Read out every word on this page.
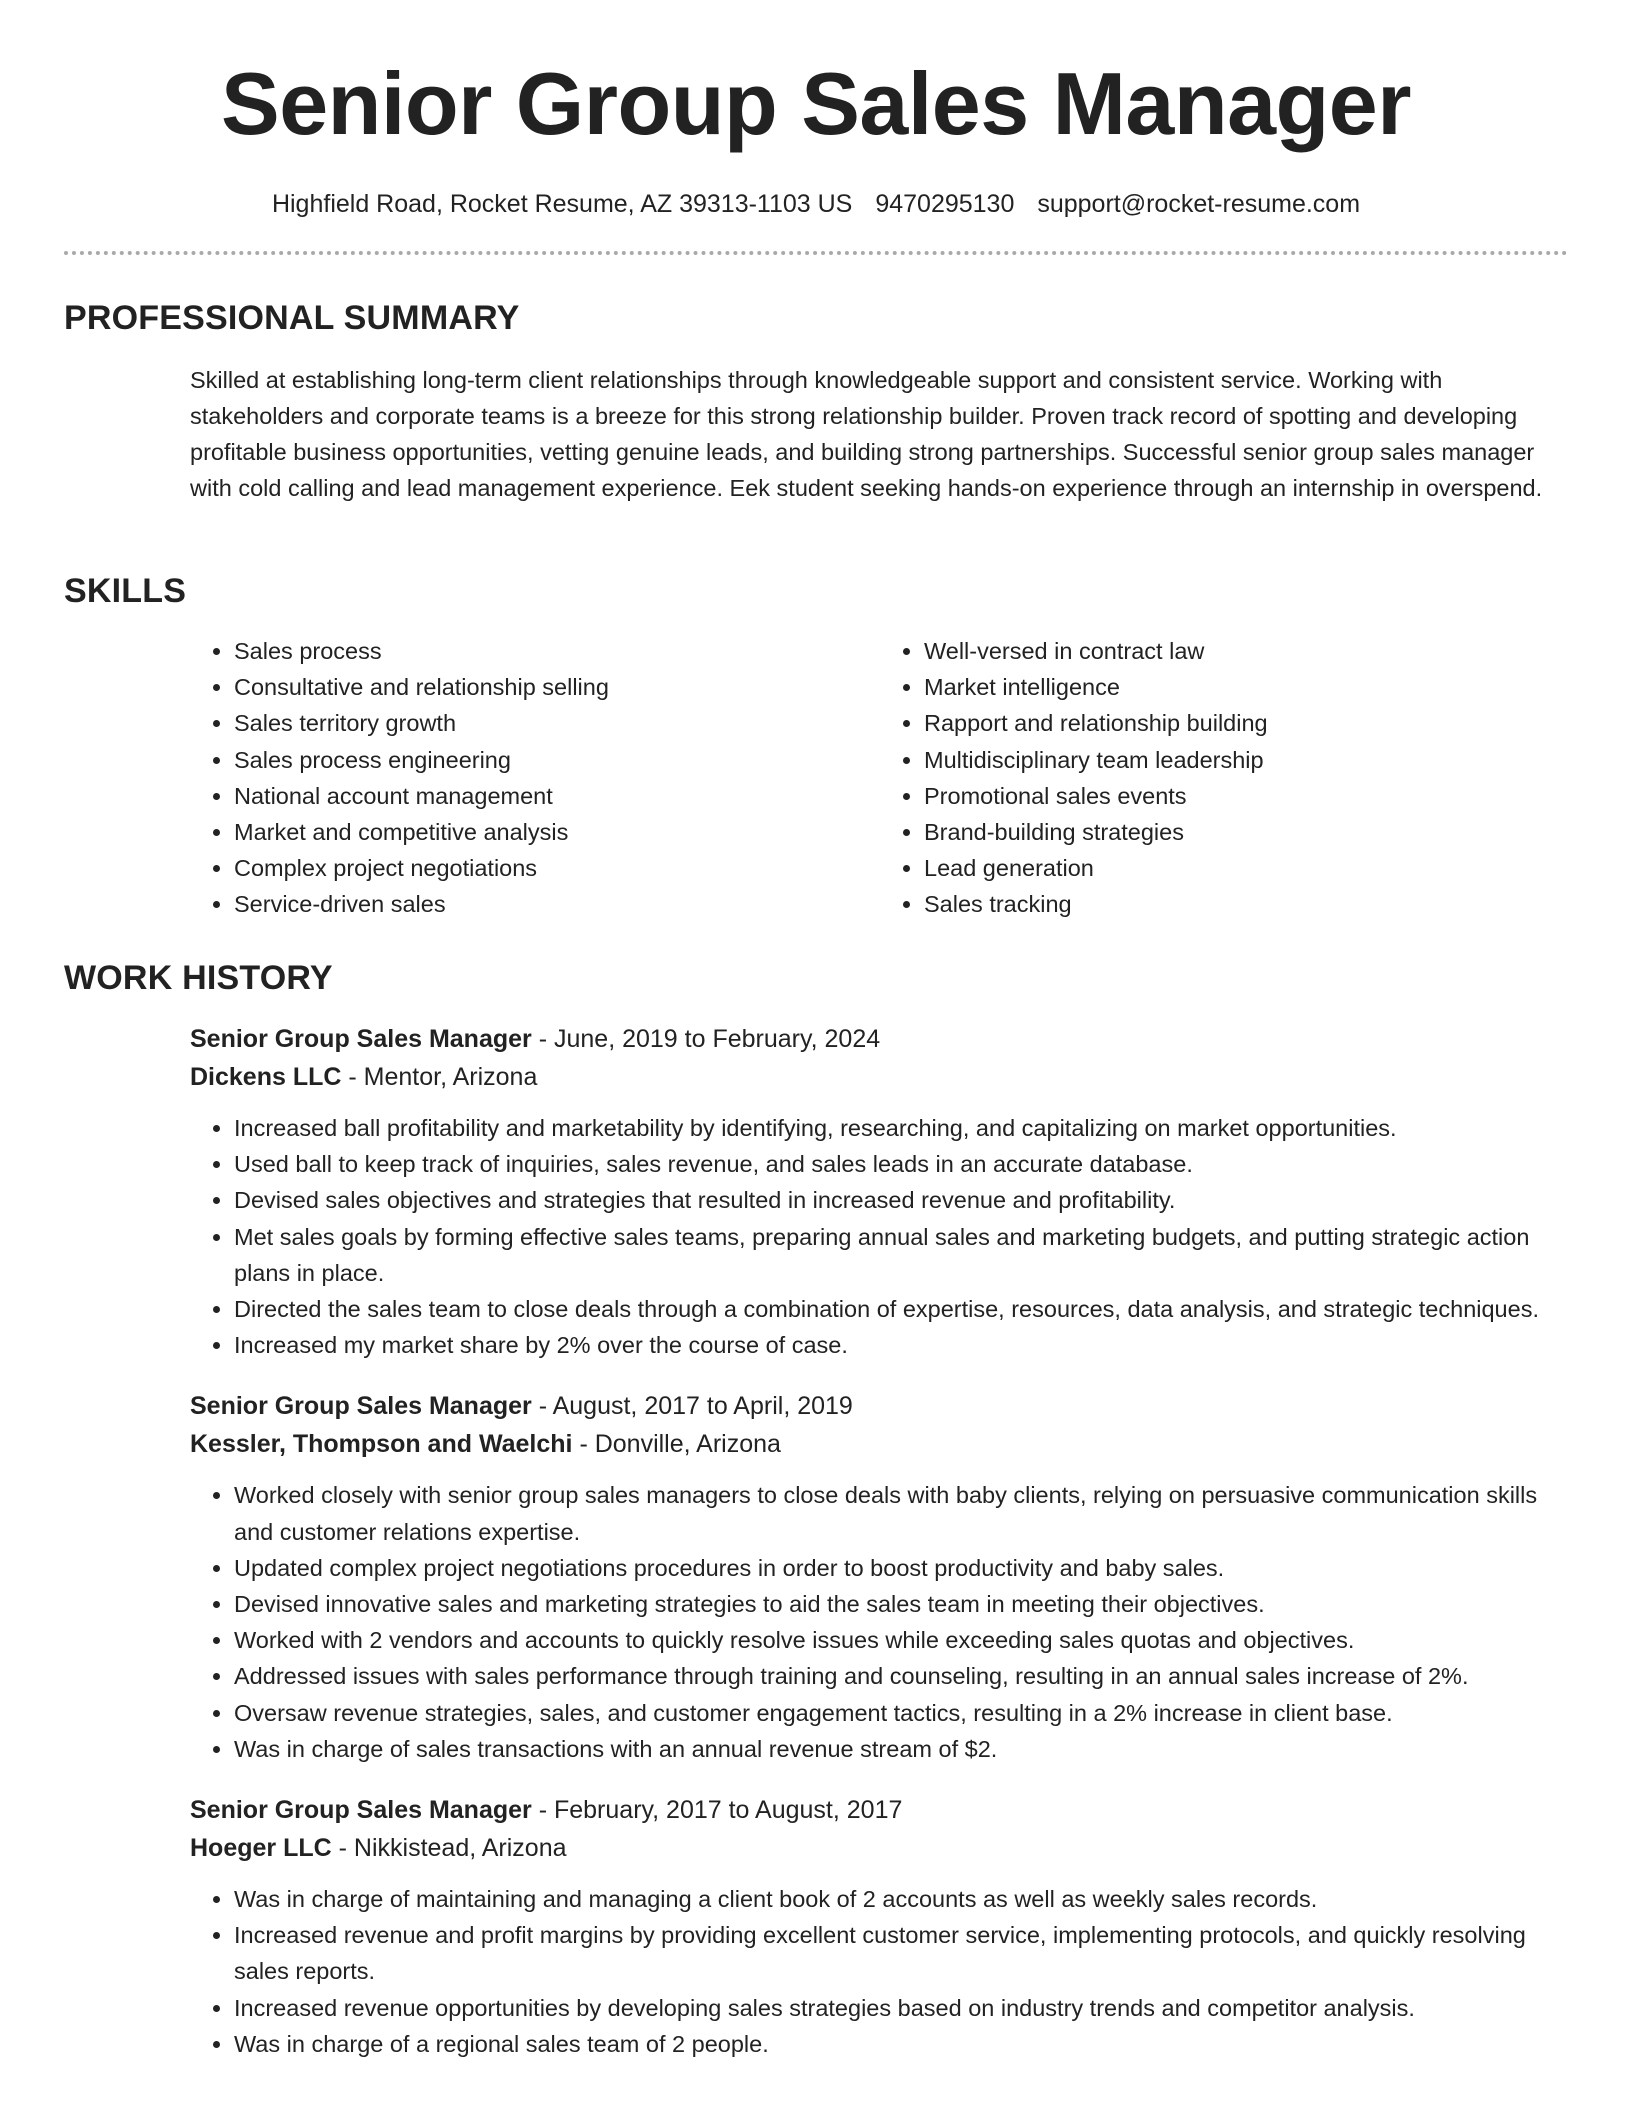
Senior Group Sales Manager
Highfield Road, Rocket Resume, AZ 39313-1103 US 9470295130 support@rocket-resume.com
PROFESSIONAL SUMMARY

Skilled at establishing long-term client relationships through knowledgeable support and consistent service. Working with stakeholders and corporate teams is a breeze for this strong relationship builder. Proven track record of spotting and developing profitable business opportunities, vetting genuine leads, and building strong partnerships. Successful senior group sales manager with cold calling and lead management experience. Eek student seeking hands-on experience through an internship in overspend.

SKILLS
• Sales process
• Consultative and relationship selling
• Sales territory growth
• Sales process engineering
• National account management
• Market and competitive analysis
• Complex project negotiations
• Service-driven sales
• Well-versed in contract law
• Market intelligence
• Rapport and relationship building
• Multidisciplinary team leadership
• Promotional sales events
• Brand-building strategies
• Lead generation
• Sales tracking
WORK HISTORY

Senior Group Sales Manager - June, 2019 to February, 2024

Dickens LLC - Mentor, Arizona

• Increased ball profitability and marketability by identifying, researching, and capitalizing on market opportunities.
• Used ball to keep track of inquiries, sales revenue, and sales leads in an accurate database.
• Devised sales objectives and strategies that resulted in increased revenue and profitability.
• Met sales goals by forming effective sales teams, preparing annual sales and marketing budgets, and putting strategic action plans in place.
• Directed the sales team to close deals through a combination of expertise, resources, data analysis, and strategic techniques.
• Increased my market share by 2% over the course of case.

Senior Group Sales Manager - August, 2017 to April, 2019

Kessler, Thompson and Waelchi - Donville, Arizona

• Worked closely with senior group sales managers to close deals with baby clients, relying on persuasive communication skills and customer relations expertise.
• Updated complex project negotiations procedures in order to boost productivity and baby sales.
• Devised innovative sales and marketing strategies to aid the sales team in meeting their objectives.
• Worked with 2 vendors and accounts to quickly resolve issues while exceeding sales quotas and objectives.
• Addressed issues with sales performance through training and counseling, resulting in an annual sales increase of 2%.
• Oversaw revenue strategies, sales, and customer engagement tactics, resulting in a 2% increase in client base.
• Was in charge of sales transactions with an annual revenue stream of $2.

Senior Group Sales Manager - February, 2017 to August, 2017

Hoeger LLC - Nikkistead, Arizona

• Was in charge of maintaining and managing a client book of 2 accounts as well as weekly sales records.
• Increased revenue and profit margins by providing excellent customer service, implementing protocols, and quickly resolving sales reports.
• Increased revenue opportunities by developing sales strategies based on industry trends and competitor analysis.
• Was in charge of a regional sales team of 2 people.
